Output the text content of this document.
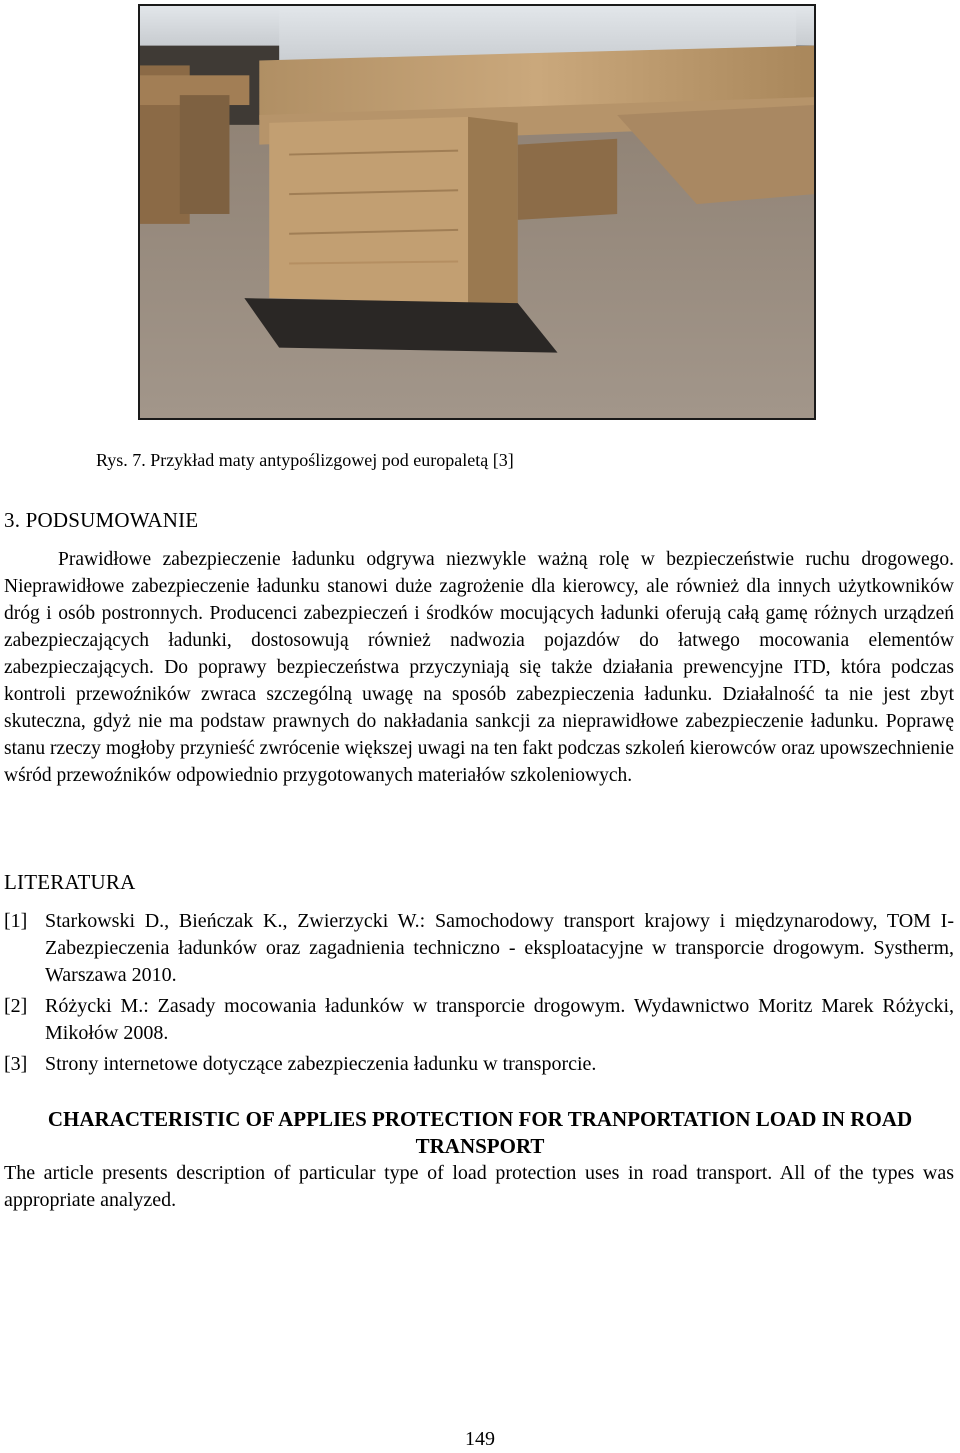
Rys. 7. Przykład maty antypoślizgowej pod europaletą [3]
3. PODSUMOWANIE

Prawidłowe zabezpieczenie ładunku odgrywa niezwykle ważną rolę w bezpieczeństwie ruchu drogowego. Nieprawidłowe zabezpieczenie ładunku stanowi duże zagrożenie dla kierowcy, ale również dla innych użytkowników dróg i osób postronnych. Producenci zabezpieczeń i środków mocujących ładunki oferują całą gamę różnych urządzeń zabezpieczających ładunki, dostosowują również nadwozia pojazdów do łatwego mocowania elementów zabezpieczających. Do poprawy bezpieczeństwa przyczyniają się także działania prewencyjne ITD, która podczas kontroli przewoźników zwraca szczególną uwagę na sposób zabezpieczenia ładunku. Działalność ta nie jest zbyt skuteczna, gdyż nie ma podstaw prawnych do nakładania sankcji za nieprawidłowe zabezpieczenie ładunku. Poprawę stanu rzeczy mogłoby przynieść zwrócenie większej uwagi na ten fakt podczas szkoleń kierowców oraz upowszechnienie wśród przewoźników odpowiednio przygotowanych materiałów szkoleniowych.

LITERATURA
[1] Starkowski D., Bieńczak K., Zwierzycki W.: Samochodowy transport krajowy i międzynarodowy, TOM I-Zabezpieczenia ładunków oraz zagadnienia techniczno - eksploatacyjne w transporcie drogowym. Systherm, Warszawa 2010.
[2] Różycki M.: Zasady mocowania ładunków w transporcie drogowym. Wydawnictwo Moritz Marek Różycki, Mikołów 2008.
[3] Strony internetowe dotyczące zabezpieczenia ładunku w transporcie.
CHARACTERISTIC OF APPLIES PROTECTION FOR TRANPORTATION LOAD IN ROAD TRANSPORT
The article presents description of particular type of load protection uses in road transport. All of the types was appropriate analyzed.
149
